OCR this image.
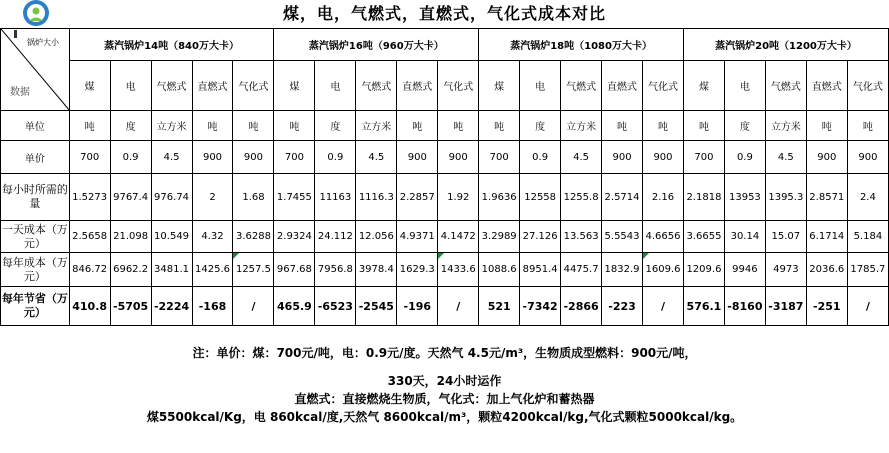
煤，电，气燃式，直燃式，气化式成本对比
锅炉大小
数据	蒸汽锅炉14吨（840万大卡）					蒸汽锅炉16吨（960万大卡）					蒸汽锅炉18吨（1080万大卡）					蒸汽锅炉20吨（1200万大卡）				
	煤	电	气燃式	直燃式	气化式	煤	电	气燃式	直燃式	气化式	煤	电	气燃式	直燃式	气化式	煤	电	气燃式	直燃式	气化式
单位	吨	度	立方米	吨	吨	吨	度	立方米	吨	吨	吨	度	立方米	吨	吨	吨	度	立方米	吨	吨
单价	700	0.9	4.5	900	900	700	0.9	4.5	900	900	700	0.9	4.5	900	900	700	0.9	4.5	900	900
每小时所需的量	1.5273	9767.4	976.74	2	1.68	1.7455	11163	1116.3	2.2857	1.92	1.9636	12558	1255.8	2.5714	2.16	2.1818	13953	1395.3	2.8571	2.4
一天成本（万元）	2.5658	21.098	10.549	4.32	3.6288	2.9324	24.112	12.056	4.9371	4.1472	3.2989	27.126	13.563	5.5543	4.6656	3.6655	30.14	15.07	6.1714	5.184
每年成本（万元）	846.72	6962.2	3481.1	1425.6	1257.5	967.68	7956.8	3978.4	1629.3	1433.6	1088.6	8951.4	4475.7	1832.9	1609.6	1209.6	9946	4973	2036.6	1785.7
每年节省（万元）	410.8	-5705	-2224	-168	/	465.9	-6523	-2545	-196	/	521	-7342	-2866	-223	/	576.1	-8160	-3187	-251	/
注：单价：煤：700元/吨，电：0.9元/度。天然气 4.5元/m³，生物质成型燃料：900元/吨，
330天，24小时运作
直燃式：直接燃烧生物质，气化式：加上气化炉和蓄热器
煤5500kcal/Kg，电 860kcal/度,天然气 8600kcal/m³，颗粒4200kcal/kg,气化式颗粒5000kcal/kg。
